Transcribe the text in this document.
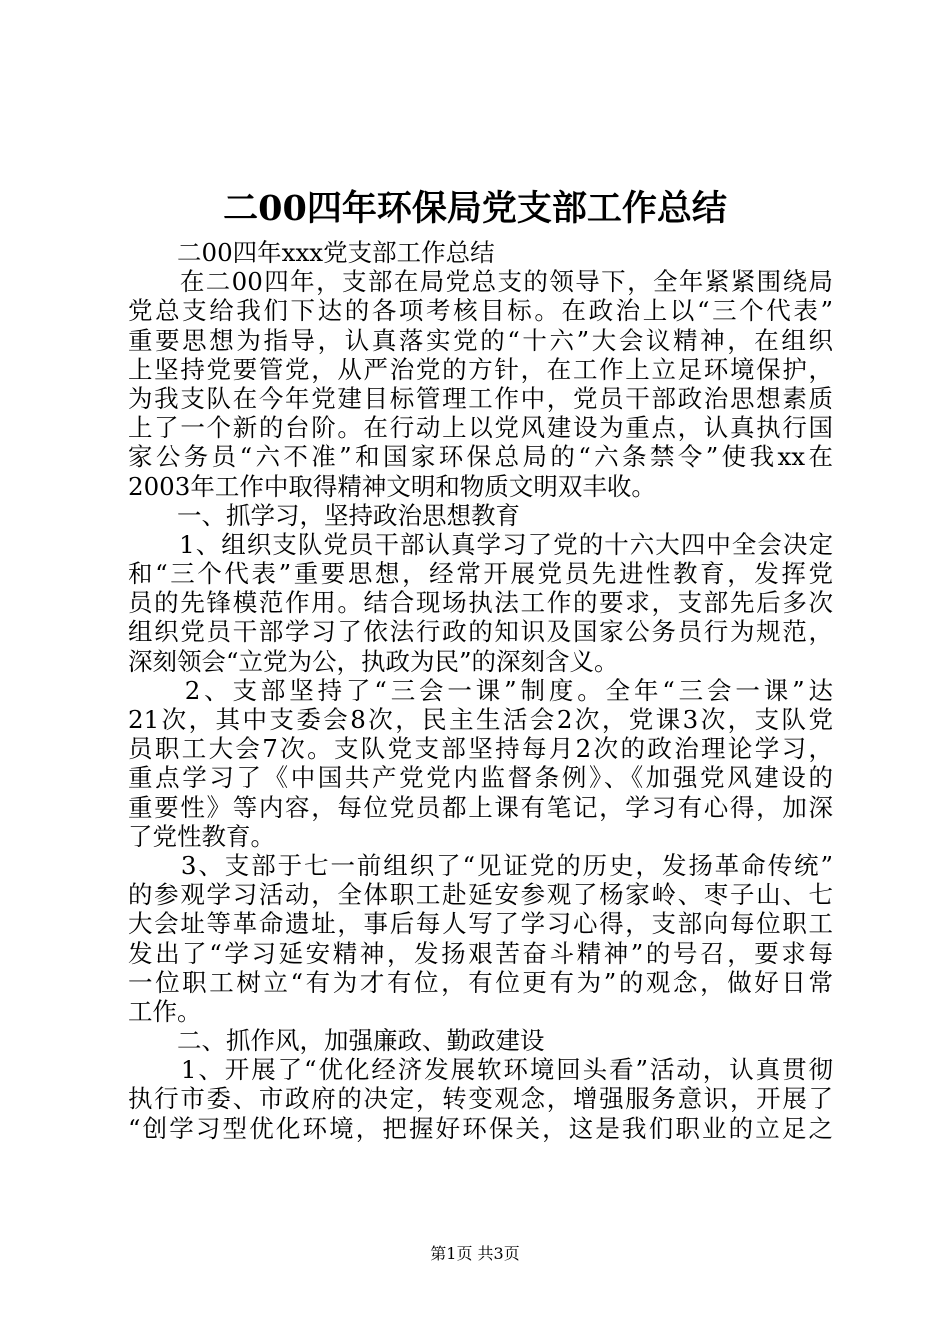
二00四年环保局党支部工作总结
　　二00四年xxx党支部工作总结
　　在二00四年，支部在局党总支的领导下，全年紧紧围绕局
党总支给我们下达的各项考核目标。在政治上以“三个代表”
重要思想为指导，认真落实党的“十六”大会议精神，在组织
上坚持党要管党，从严治党的方针，在工作上立足环境保护，
为我支队在今年党建目标管理工作中，党员干部政治思想素质
上了一个新的台阶。在行动上以党风建设为重点，认真执行国
家公务员“六不准”和国家环保总局的“六条禁令”使我xx在
2003年工作中取得精神文明和物质文明双丰收。
　　一、抓学习，坚持政治思想教育
　　1、组织支队党员干部认真学习了党的十六大四中全会决定
和“三个代表”重要思想，经常开展党员先进性教育，发挥党
员的先锋模范作用。结合现场执法工作的要求，支部先后多次
组织党员干部学习了依法行政的知识及国家公务员行为规范，
深刻领会“立党为公，执政为民”的深刻含义。
　　2、支部坚持了“三会一课”制度。全年“三会一课”达
21次，其中支委会8次，民主生活会2次，党课3次，支队党
员职工大会7次。支队党支部坚持每月2次的政治理论学习，
重点学习了《中国共产党党内监督条例》、《加强党风建设的
重要性》等内容，每位党员都上课有笔记，学习有心得，加深
了党性教育。
　　3、支部于七一前组织了“见证党的历史，发扬革命传统”
的参观学习活动，全体职工赴延安参观了杨家岭、枣子山、七
大会址等革命遗址，事后每人写了学习心得，支部向每位职工
发出了“学习延安精神，发扬艰苦奋斗精神”的号召，要求每
一位职工树立“有为才有位，有位更有为”的观念，做好日常
工作。
　　二、抓作风，加强廉政、勤政建设
　　1、开展了“优化经济发展软环境回头看”活动，认真贯彻
执行市委、市政府的决定，转变观念，增强服务意识，开展了
“创学习型优化环境，把握好环保关，这是我们职业的立足之
第1页 共3页
